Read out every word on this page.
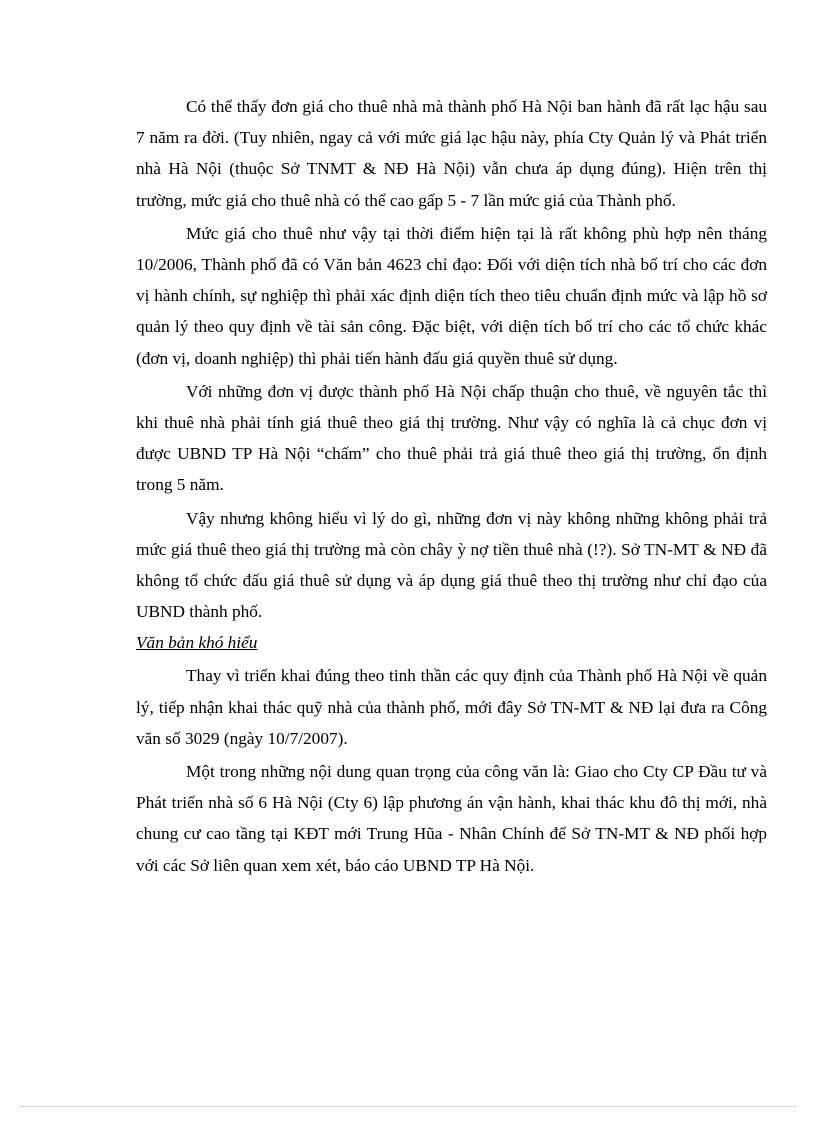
Có thể thấy đơn giá cho thuê nhà mà thành phố Hà Nội ban hành đã rất lạc hậu sau 7 năm ra đời. (Tuy nhiên, ngay cả với mức giá lạc hậu này, phía Cty Quản lý và Phát triển nhà Hà Nội (thuộc Sở TNMT & NĐ Hà Nội) vẫn chưa áp dụng đúng). Hiện trên thị trường, mức giá cho thuê nhà có thể cao gấp 5 - 7 lần mức giá của Thành phố.

Mức giá cho thuê như vậy tại thời điểm hiện tại là rất không phù hợp nên tháng 10/2006, Thành phố đã có Văn bản 4623 chỉ đạo: Đối với diện tích nhà bố trí cho các đơn vị hành chính, sự nghiệp thì phải xác định diện tích theo tiêu chuẩn định mức và lập hồ sơ quản lý theo quy định về tài sản công. Đặc biệt, với diện tích bố trí cho các tổ chức khác (đơn vị, doanh nghiệp) thì phải tiến hành đấu giá quyền thuê sử dụng.

Với những đơn vị được thành phố Hà Nội chấp thuận cho thuê, về nguyên tắc thì khi thuê nhà phải tính giá thuê theo giá thị trường. Như vậy có nghĩa là cả chục đơn vị được UBND TP Hà Nội “chấm” cho thuê phải trả giá thuê theo giá thị trường, ổn định trong 5 năm.

Vậy nhưng không hiểu vì lý do gì, những đơn vị này không những không phải trả mức giá thuê theo giá thị trường mà còn chây ỳ nợ tiền thuê nhà (!?). Sở TN-MT & NĐ đã không tổ chức đấu giá thuê sử dụng và áp dụng giá thuê theo thị trường như chỉ đạo của UBND thành phố.

Văn bản khó hiểu

Thay vì triển khai đúng theo tinh thần các quy định của Thành phố Hà Nội về quản lý, tiếp nhận khai thác quỹ nhà của thành phố, mới đây Sở TN-MT & NĐ lại đưa ra Công văn số 3029 (ngày 10/7/2007).

Một trong những nội dung quan trọng của công văn là: Giao cho Cty CP Đầu tư và Phát triển nhà số 6 Hà Nội (Cty 6) lập phương án vận hành, khai thác khu đô thị mới, nhà chung cư cao tầng tại KĐT mới Trung Hũa - Nhân Chính để Sở TN-MT & NĐ phối hợp với các Sở liên quan xem xét, báo cáo UBND TP Hà Nội.
